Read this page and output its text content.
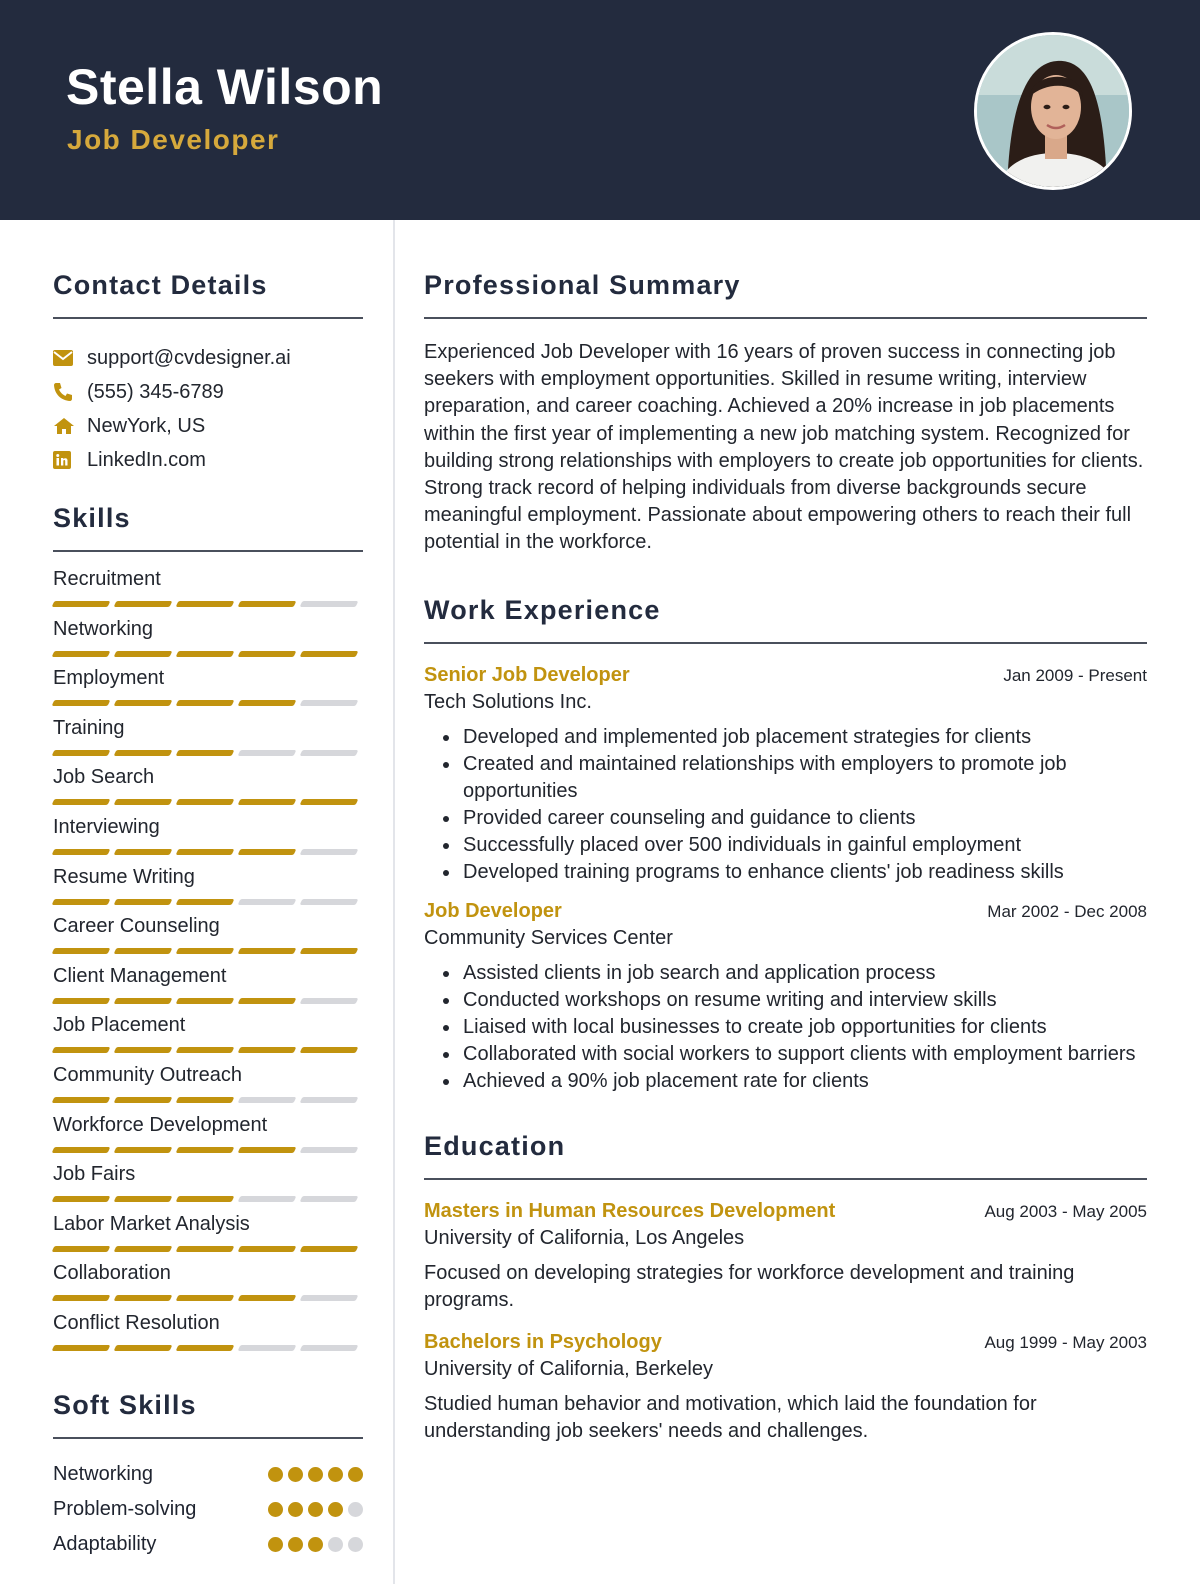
Stella Wilson
Job Developer
Contact Details
support@cvdesigner.ai
(555) 345-6789
NewYork, US
LinkedIn.com
Skills
Recruitment
Networking
Employment
Training
Job Search
Interviewing
Resume Writing
Career Counseling
Client Management
Job Placement
Community Outreach
Workforce Development
Job Fairs
Labor Market Analysis
Collaboration
Conflict Resolution
Soft Skills
Networking
Problem-solving
Adaptability
Professional Summary
Experienced Job Developer with 16 years of proven success in connecting job seekers with employment opportunities. Skilled in resume writing, interview preparation, and career coaching. Achieved a 20% increase in job placements within the first year of implementing a new job matching system. Recognized for building strong relationships with employers to create job opportunities for clients. Strong track record of helping individuals from diverse backgrounds secure meaningful employment. Passionate about empowering others to reach their full potential in the workforce.
Work Experience
Senior Job Developer	Jan 2009 - Present
Tech Solutions Inc.
• Developed and implemented job placement strategies for clients
• Created and maintained relationships with employers to promote job opportunities
• Provided career counseling and guidance to clients
• Successfully placed over 500 individuals in gainful employment
• Developed training programs to enhance clients' job readiness skills
Job Developer	Mar 2002 - Dec 2008
Community Services Center
• Assisted clients in job search and application process
• Conducted workshops on resume writing and interview skills
• Liaised with local businesses to create job opportunities for clients
• Collaborated with social workers to support clients with employment barriers
• Achieved a 90% job placement rate for clients
Education
Masters in Human Resources Development	Aug 2003 - May 2005
University of California, Los Angeles
Focused on developing strategies for workforce development and training programs.
Bachelors in Psychology	Aug 1999 - May 2003
University of California, Berkeley
Studied human behavior and motivation, which laid the foundation for understanding job seekers' needs and challenges.
